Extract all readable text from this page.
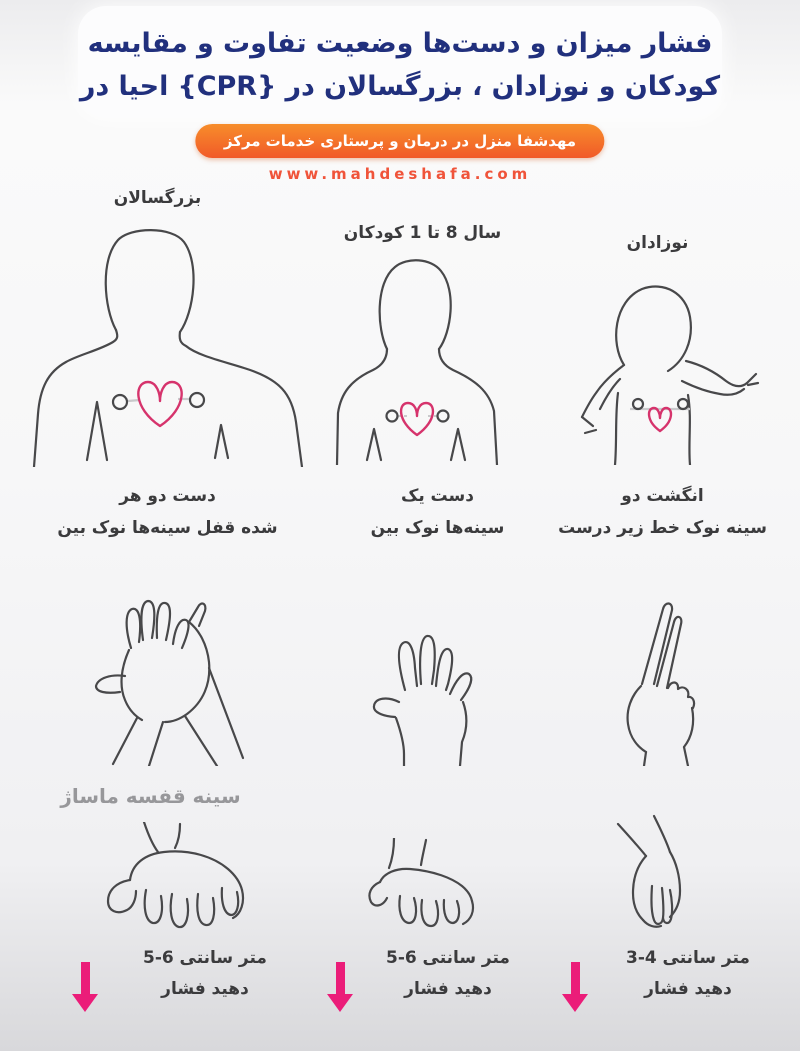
مقایسه و تفاوت وضعیت دست‌ها و میزان فشار
در احیا {CPR} در بزرگسالان ، نوزادان و کودکان
مرکز خدمات پرستاری و درمان در منزل مهدشفا
www.mahdeshafa.com
بزرگسالان
کودکان 1 تا 8 سال	نوزادان
هر دو دست
بین نوک سینه‌ها قفل شده
یک دست
بین نوک سینه‌ها
دو انگشت
درست زیر خط نوک سینه
ماساژ قفسه سینه
5-6 سانتی متر
فشار دهید
5-6 سانتی متر
فشار دهید
3-4 سانتی متر
فشار دهید
